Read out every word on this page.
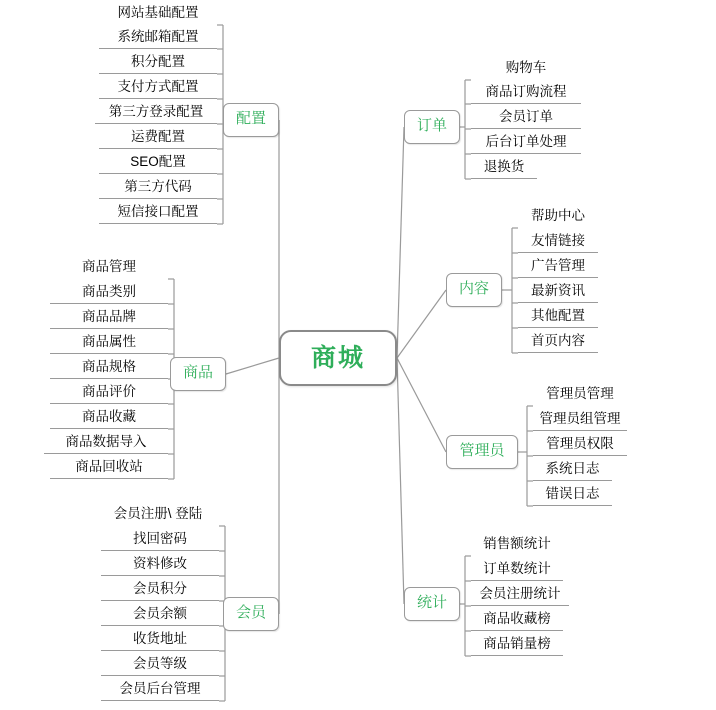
商城
配置
网站基础配置
系统邮箱配置
积分配置
支付方式配置
第三方登录配置
运费配置
SEO配置
第三方代码
短信接口配置
商品
商品管理
商品类别
商品品牌
商品属性
商品规格
商品评价
商品收藏
商品数据导入
商品回收站
会员
会员注册\ 登陆
找回密码
资料修改
会员积分
会员余额
收货地址
会员等级
会员后台管理
订单
购物车
商品订购流程
会员订单
后台订单处理
退换货
内容
帮助中心
友情链接
广告管理
最新资讯
其他配置
首页内容
管理员
管理员管理
管理员组管理
管理员权限
系统日志
错误日志
统计
销售额统计
订单数统计
会员注册统计
商品收藏榜
商品销量榜
